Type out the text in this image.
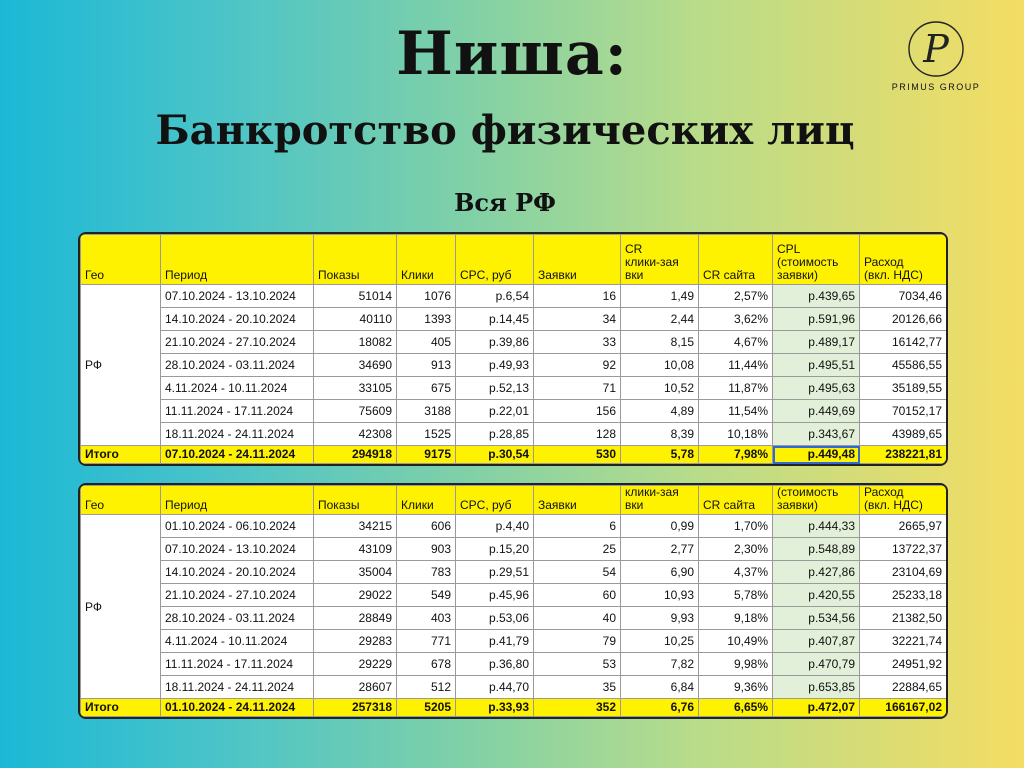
Ниша:
Банкротство физических лиц
Вся РФ
P
PRIMUS GROUP
Гео	Период	Показы	Клики	CPC, руб	Заявки	CR
клики-зая
вки	CR сайта	CPL
(стоимость
заявки)	Расход
(вкл. НДС)
РФ	07.10.2024 - 13.10.2024	51014	1076	р.6,54	16	1,49	2,57%	р.439,65	7034,46
	14.10.2024 - 20.10.2024	40110	1393	р.14,45	34	2,44	3,62%	р.591,96	20126,66
	21.10.2024 - 27.10.2024	18082	405	р.39,86	33	8,15	4,67%	р.489,17	16142,77
	28.10.2024 - 03.11.2024	34690	913	р.49,93	92	10,08	11,44%	р.495,51	45586,55
	4.11.2024 - 10.11.2024	33105	675	р.52,13	71	10,52	11,87%	р.495,63	35189,55
	11.11.2024 - 17.11.2024	75609	3188	р.22,01	156	4,89	11,54%	р.449,69	70152,17
	18.11.2024 - 24.11.2024	42308	1525	р.28,85	128	8,39	10,18%	р.343,67	43989,65
Итого	07.10.2024 - 24.11.2024	294918	9175	р.30,54	530	5,78	7,98%	р.449,48	238221,81
Гео	Период	Показы	Клики	CPC, руб	Заявки	клики-зая
вки	CR сайта	(стоимость
заявки)	Расход
(вкл. НДС)
РФ	01.10.2024 - 06.10.2024	34215	606	р.4,40	6	0,99	1,70%	р.444,33	2665,97
	07.10.2024 - 13.10.2024	43109	903	р.15,20	25	2,77	2,30%	р.548,89	13722,37
	14.10.2024 - 20.10.2024	35004	783	р.29,51	54	6,90	4,37%	р.427,86	23104,69
	21.10.2024 - 27.10.2024	29022	549	р.45,96	60	10,93	5,78%	р.420,55	25233,18
	28.10.2024 - 03.11.2024	28849	403	р.53,06	40	9,93	9,18%	р.534,56	21382,50
	4.11.2024 - 10.11.2024	29283	771	р.41,79	79	10,25	10,49%	р.407,87	32221,74
	11.11.2024 - 17.11.2024	29229	678	р.36,80	53	7,82	9,98%	р.470,79	24951,92
	18.11.2024 - 24.11.2024	28607	512	р.44,70	35	6,84	9,36%	р.653,85	22884,65
Итого	01.10.2024 - 24.11.2024	257318	5205	р.33,93	352	6,76	6,65%	р.472,07	166167,02
